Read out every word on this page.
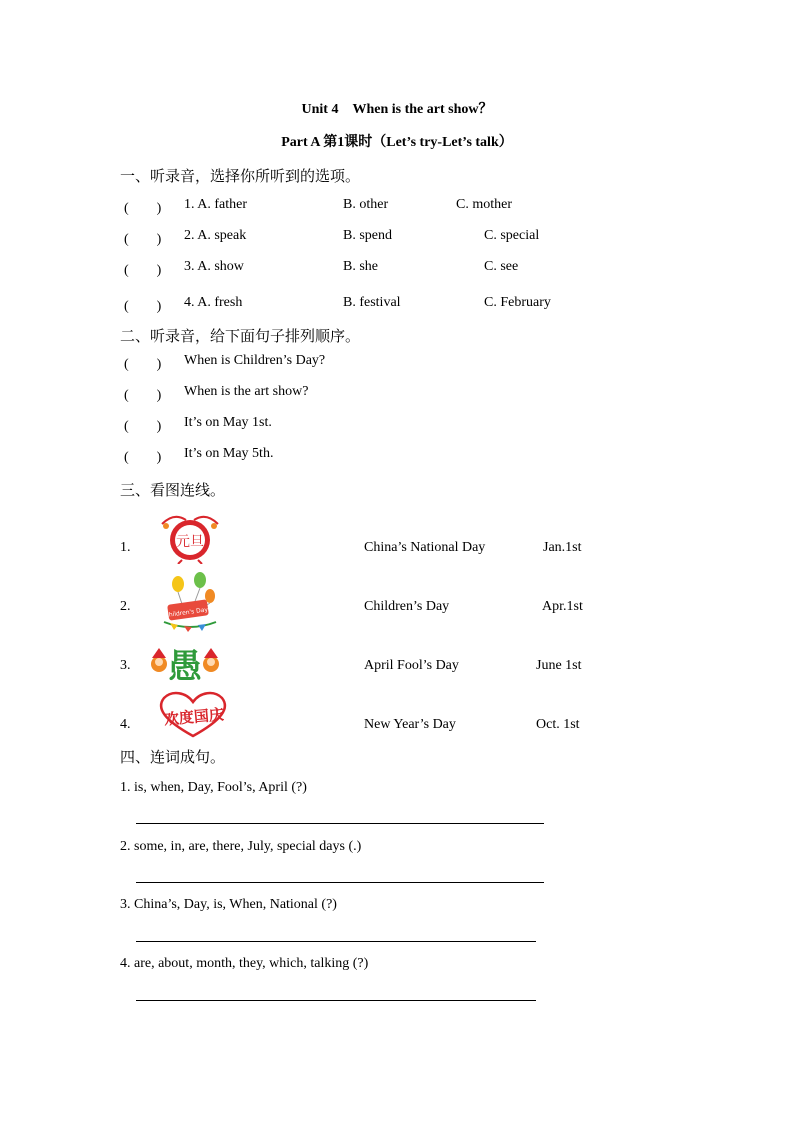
Unit 4　When is the art show？
Part A 第1课时（Let’s try-Let’s talk）
一、听录音，选择你所听到的选项。
(　　) 1. A. father	B. other	C. mother
(　　) 2. A. speak	B. spend	C. special
(　　) 3. A. show	B. she	C. see
(　　) 4. A. fresh	B. festival	C. February
二、听录音，给下面句子排列顺序。
(　　) When is Children’s Day?
(　　) When is the art show?
(　　) It’s on May 1st.
(　　) It’s on May 5th.
三、看图连线。
1.	元旦	China’s National Day	Jan.1st
2.	Children's Day	Children’s Day	Apr.1st
3. 愚	April Fool’s Day	June 1st
4. 欢度国庆	New Year’s Day	Oct. 1st
四、连词成句。
1. is, when, Day, Fool’s, April (?)
2. some, in, are, there, July, special days (.)
3. China’s, Day, is, When, National (?)
4. are, about, month, they, which, talking (?)
